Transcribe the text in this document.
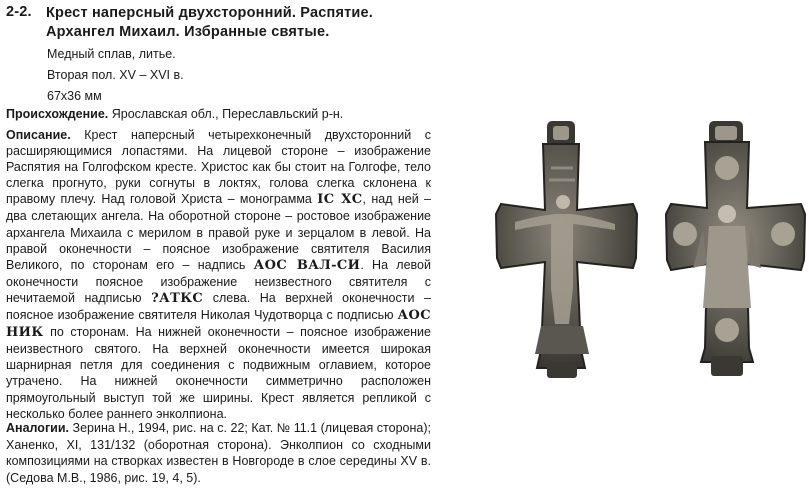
2-2. Крест наперсный двухсторонний. Распятие. Архангел Михаил. Избранные святые.
Медный сплав, литье.
Вторая пол. XV – XVI в.
67х36 мм
Происхождение. Ярославская обл., Переславльский р-н.
Описание. Крест наперсный четырехконечный двухсторонний с расширяющимися лопастями. На лицевой стороне – изображение Распятия на Голгофском кресте. Христос как бы стоит на Голгофе, тело слегка прогнуто, руки согнуты в локтях, голова слегка склонена к правому плечу. Над головой Христа – монограмма ІС ХС, над ней – два слетающих ангела. На оборотной стороне – ростовое изображение архангела Михаила с мерилом в правой руке и зерцалом в левой. На правой оконечности – поясное изображение святителя Василия Великого, по сторонам его – надпись АОС ВАЛ-СИ. На левой оконечности поясное изображение неизвестного святителя с нечитаемой надписью ?АТКС слева. На верхней оконечности – поясное изображение святителя Николая Чудотворца с подписью АОС НИК по сторонам. На нижней оконечности – поясное изображение неизвестного святого. На верхней оконечности имеется широкая шарнирная петля для соединения с подвижным оглавием, которое утрачено. На нижней оконечности симметрично расположен прямоугольный выступ той же ширины. Крест является репликой с несколько более раннего энколпиона.
Аналогии. Зерина Н., 1994, рис. на с. 22; Кат. № 11.1 (лицевая сторона); Ханенко, XI, 131/132 (оборотная сторона). Энколпион со сходными композициями на створках известен в Новгороде в слое середины XV в. (Седова М.В., 1986, рис. 19, 4, 5).
